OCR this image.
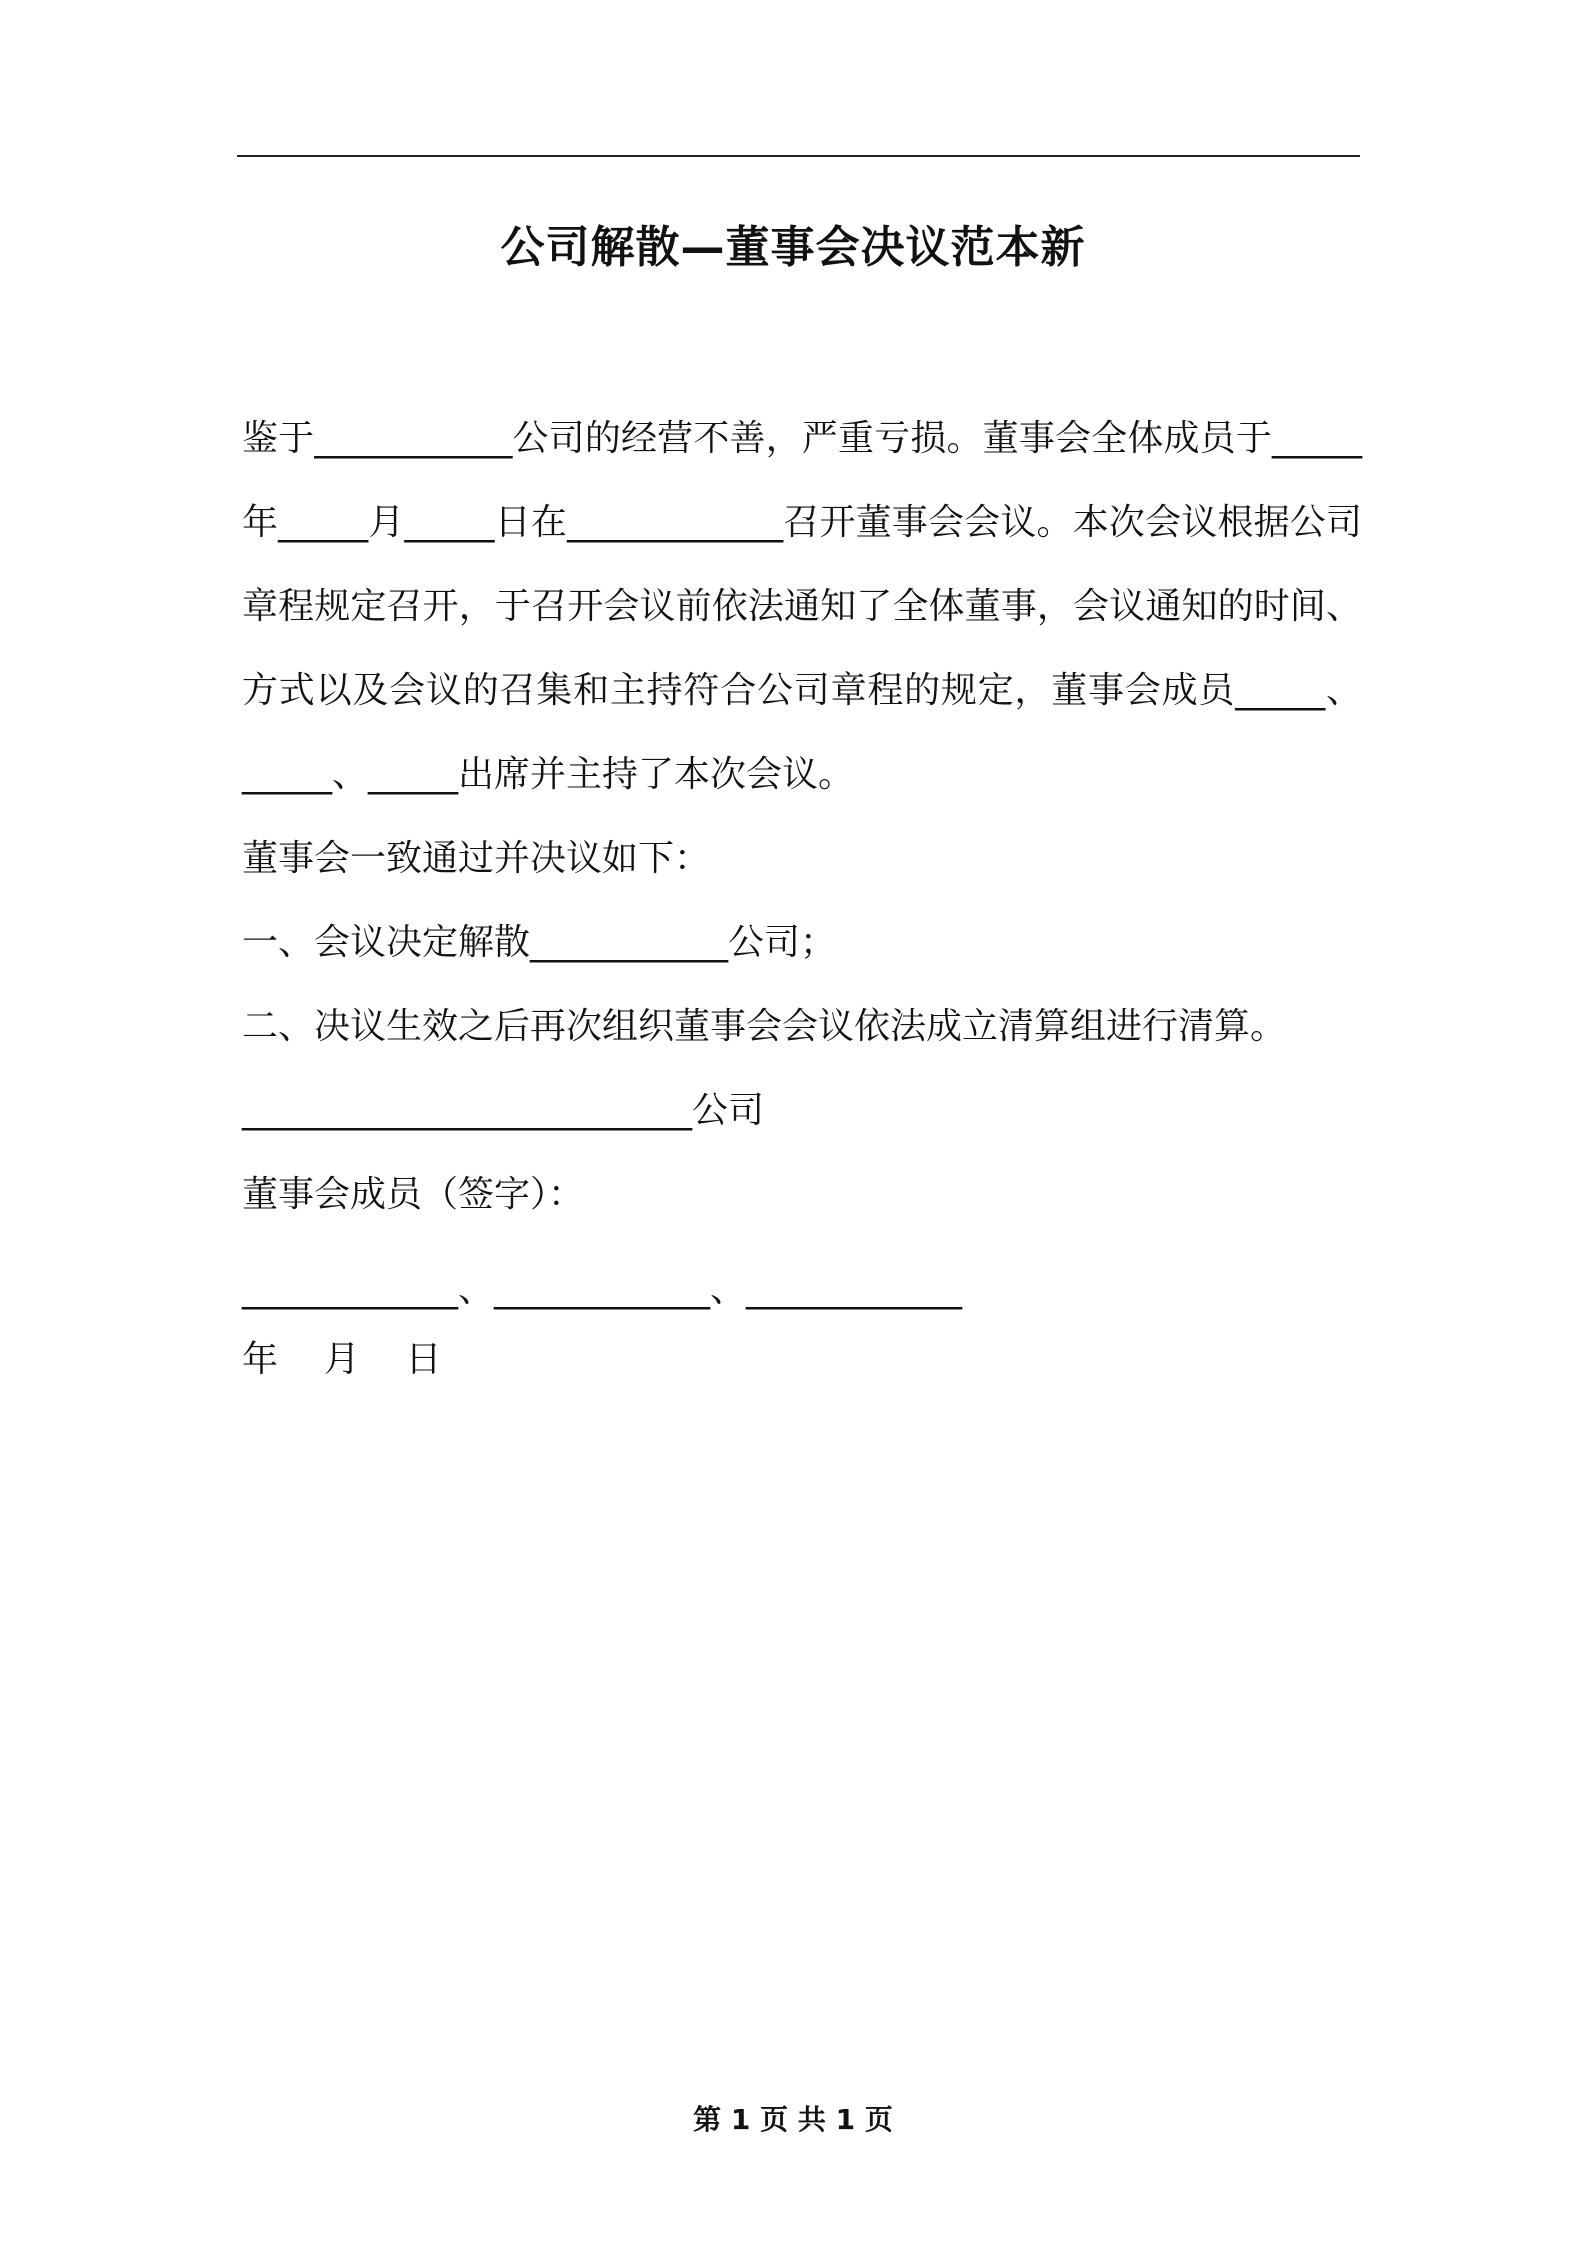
公司解散—董事会决议范本新
鉴于___________公司的经营不善，严重亏损。董事会全体成员于_____年_____月_____日在____________召开董事会会议。本次会议根据公司章程规定召开，于召开会议前依法通知了全体董事，会议通知的时间、方式以及会议的召集和主持符合公司章程的规定，董事会成员_____、_____、_____出席并主持了本次会议。
董事会一致通过并决议如下：
一、会议决定解散___________公司；
二、决议生效之后再次组织董事会会议依法成立清算组进行清算。
_________________________公司
董事会成员（签字）：
____________、____________、____________
年    月    日
第 1 页 共 1 页
